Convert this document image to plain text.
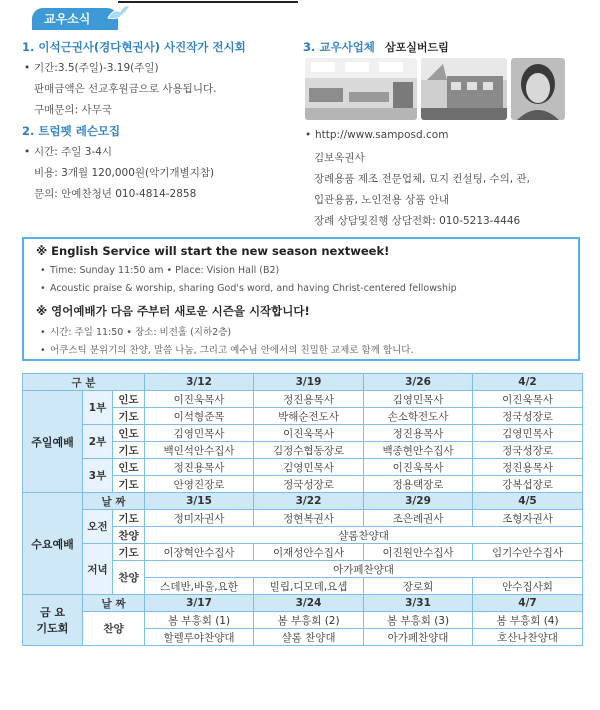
교우소식
1. 이석근권사(경다현권사) 사진작가 전시회
• 기간:3.5(주일)-3.19(주일)
판매금액은 선교후원금으로 사용됩니다.
구매문의: 사무국
2. 트럼펫 레슨모집
• 시간: 주일 3-4시
비용: 3개월 120,000원(악기개별지참)
문의: 안예찬청년 010-4814-2858
3. 교우사업체 삼포실버드림
• http://www.samposd.com
김보옥권사
장례용품 제조 전문업체, 묘지 컨설팅, 수의, 관,
입관용품, 노인전용 상품 안내
장례 상담및진행 상담전화: 010-5213-4446
※ English Service will start the new season nextweek!
• Time: Sunday 11:50 am • Place: Vision Hall (B2)
• Acoustic praise & worship, sharing God's word, and having Christ-centered fellowship
※ 영어예배가 다음 주부터 새로운 시즌을 시작합니다!
• 시간: 주일 11:50 • 장소: 비전홀 (지하2층)
• 어쿠스틱 분위기의 찬양, 말씀 나눔, 그리고 예수님 안에서의 친밀한 교제로 함께 합니다.
구 분			3/12	3/19	3/26	4/2
주일예배	1부	인도	이진욱목사	정진용목사	김영민목사	이진욱목사
		기도	이석형준목	박해순전도사	손소학전도사	정국성장로
	2부	인도	김영민목사	이진욱목사	정진용목사	김영민목사
		기도	백인석안수집사	김정수협동장로	백종현안수집사	정국성장로
	3부	인도	정진용목사	김영민목사	이진욱목사	정진용목사
		기도	안영진장로	정국성장로	정용택장로	강복섭장로
수요예배	날 짜		3/15	3/22	3/29	4/5
	오전	기도	정미자권사	정현복권사	조은례권사	조형자권사
		찬양	샬롬찬양대			
	저녁	기도	이장혁안수집사	이재성안수집사	이진원안수집사	임기수안수집사
		찬양	아가페찬양대			
			스데반,바울,요한	빌립,디모데,요셉	장로회	안수집사회

금 요
기도회	날 짜		3/17	3/24	3/31	4/7
	찬양		봄 부흥회 (1)	봄 부흥회 (2)	봄 부흥회 (3)	봄 부흥회 (4)
			할렐루야찬양대	샬롬 찬양대	아가페찬양대	호산나찬양대
